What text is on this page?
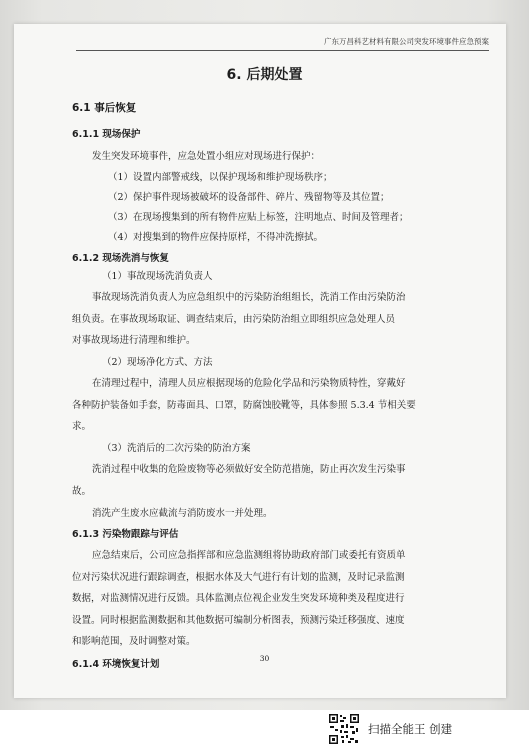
广东万昌科艺材料有限公司突发环境事件应急预案
6. 后期处置
6.1 事后恢复
6.1.1 现场保护
发生突发环境事件，应急处置小组应对现场进行保护：
（1）设置内部警戒线，以保护现场和维护现场秩序；
（2）保护事件现场被破坏的设备部件、碎片、残留物等及其位置；
（3）在现场搜集到的所有物件应贴上标签，注明地点、时间及管理者；
（4）对搜集到的物件应保持原样，不得冲洗擦拭。
6.1.2 现场洗消与恢复
（1）事故现场洗消负责人
事故现场洗消负责人为应急组织中的污染防治组组长，洗消工作由污染防治
组负责。在事故现场取证、调查结束后，由污染防治组立即组织应急处理人员
对事故现场进行清理和维护。
（2）现场净化方式、方法
在清理过程中，清理人员应根据现场的危险化学品和污染物质特性，穿戴好
各种防护装备如手套，防毒面具、口罩，防腐蚀胶靴等，具体参照 5.3.4 节相关要
求。
（3）洗消后的二次污染的防治方案
洗消过程中收集的危险废物等必须做好安全防范措施，防止再次发生污染事
故。
消洗产生废水应截流与消防废水一并处理。
6.1.3 污染物跟踪与评估
应急结束后，公司应急指挥部和应急监测组将协助政府部门或委托有资质单
位对污染状况进行跟踪调查，根据水体及大气进行有计划的监测，及时记录监测
数据，对监测情况进行反馈。具体监测点位视企业发生突发环境种类及程度进行
设置。同时根据监测数据和其他数据可编制分析图表，预测污染迁移强度、速度
和影响范围，及时调整对策。
6.1.4 环境恢复计划
30
扫描全能王 创建
